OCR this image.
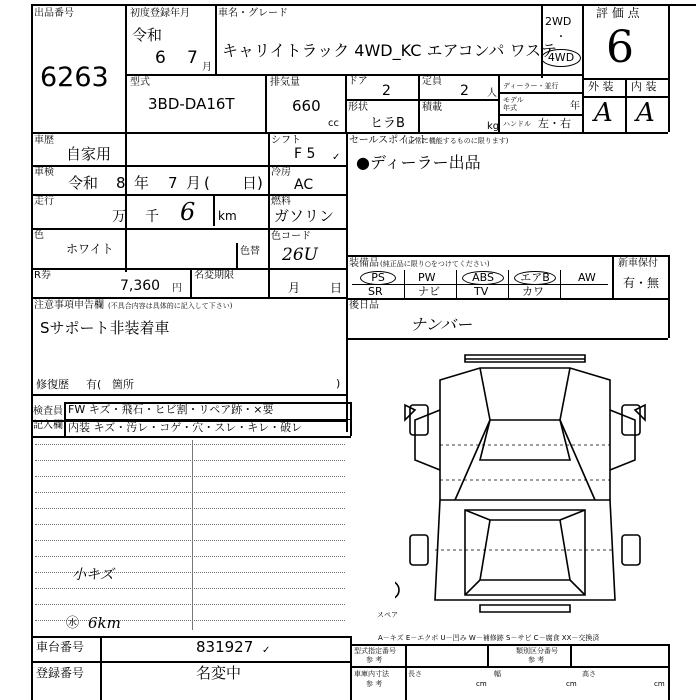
出品番号
6263
初度登録年月
令和
6 7 月
車名・グレード
キャリイトラック 4WD_KC エアコンパ ワステ
2WD
・
4WD
評 価 点
6
型式
3BD-DA16T
排気量
660
cc
ドア
2
定員
2 人
形状
ヒラB
積載
kg
ディーラー・並行
モデル
年式	年
ハンドル 左・右
外 装 内 装
A A
車歴
自家用
シフト
F 5 ✓
セールスポイント
(正常に機能するものに限ります)
●ディーラー出品
車検
令和 8 年 7 月 ( 日)
冷房
AC
走行
万 千 6 km
燃料
ガソリン
色
ホワイト	色替
色コード
26U
R券
7,360 円
名変期限
月 日
装備品 (純正品に限り○をつけてください)	新車保付
有・無
PS
SR
PW
ナビ
ABS
TV
エアB
カワ
AW
後日品
ナンバー
注意事項申告欄 (不具合内容は具体的に記入して下さい)
Sサポート非装着車
修復歴 有( 箇所	)
検査員
記入欄
FW キズ・飛石・ヒビ割・リペア跡・×要
内装 キズ・汚レ・コゲ・穴・スレ・キレ・破レ
小キズ
㊌ 6km	スペア
A－キズ E－エクボ U－凹み W－補修跡 S－サビ C－腐食 XX－交換済
車台番号	831927 ✓
登録番号	名変中
型式指定番号
参 考
類別区分番号
参 考
車庫内寸法
参 考
長さ
cm
幅
cm
高さ
cm
